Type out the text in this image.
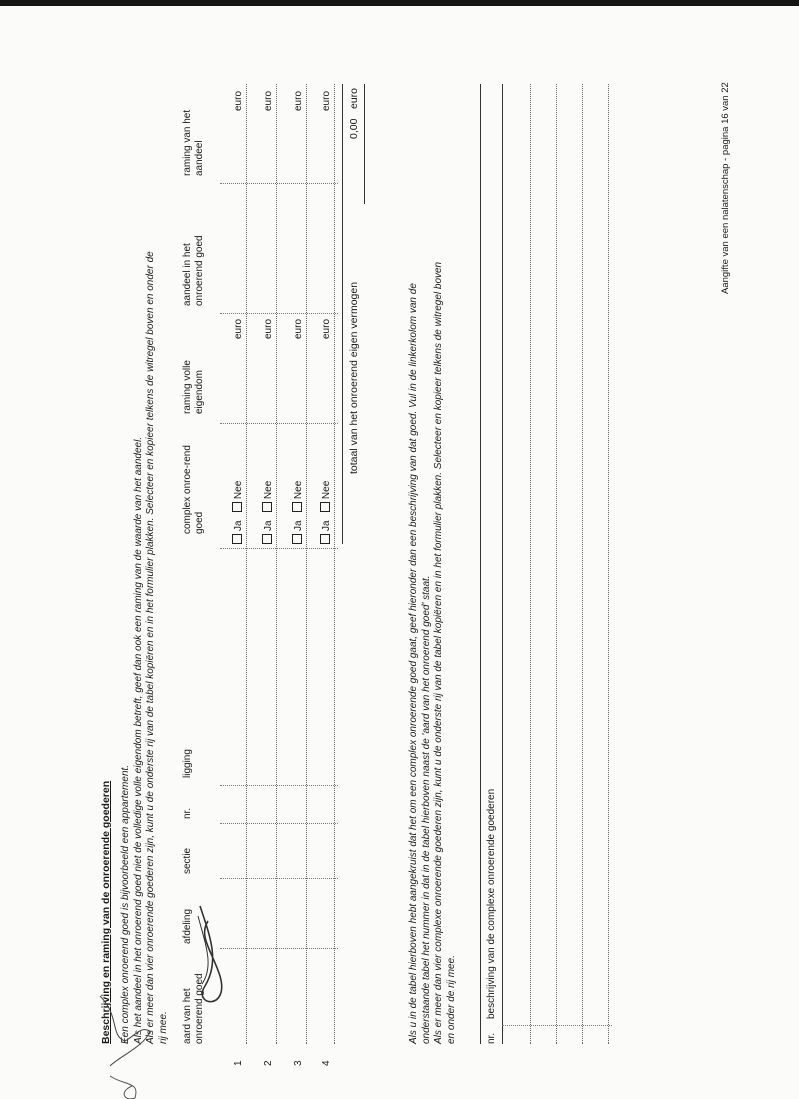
Beschrijving en raming van de onroerende goederen Een complex onroerend goed is bijvoorbeeld een appartement. Als het aandeel in het onroerend goed niet de volledige volle eigendom betreft, geef dan ook een raming van de waarde van het aandeel. Als er meer dan vier onroerende goederen zijn, kunt u de onderste rij van de tabel kopiëren en in het formulier plakken. Selecteer en kopieer telkens de witregel boven en onder de rij mee. aard van het onroerend goed
afdeling
sectie
nr.
ligging
complex onroe-rend goed
raming volle eigendom
aandeel in het onroerend goed
raming van het aandeel
1
Ja   Nee
euro
euro
2
Ja   Nee
euro
euro
3
Ja   Nee
euro
euro
4
Ja   Nee
euro
euro
totaal van het onroerend eigen vermogen
0,00
euro

Als u in de tabel hierboven hebt aangekruist dat het om een complex onroerende goed gaat, geef hieronder dan een beschrijving van dat goed. Vul in de linkerkolom van de onderstaande tabel het nummer in dat in de tabel hierboven naast de 'aard van het onroerend goed' staat. Als er meer dan vier complexe onroerende goederen zijn, kunt u de onderste rij van de tabel kopiëren en in het formulier plakken. Selecteer en kopieer telkens de witregel boven en onder de rij mee.	nr.
beschrijving van de complexe onroerende goederen
Aangifte van een nalatenschap - pagina 16 van 22
